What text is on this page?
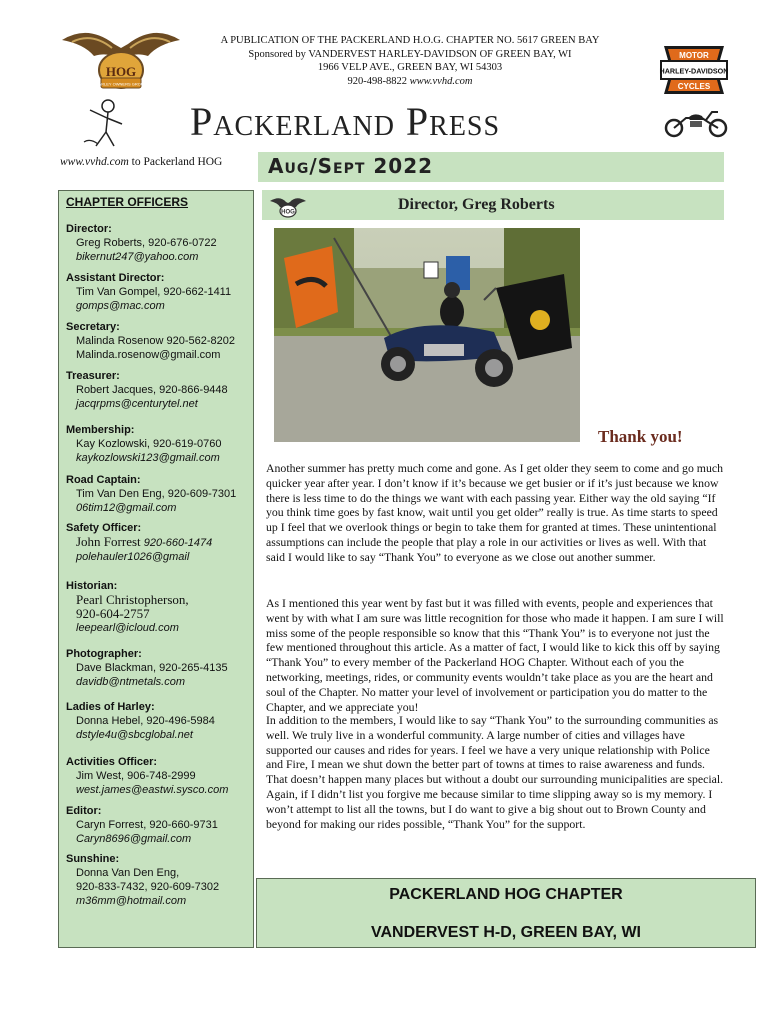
HOG
HARLEY OWNERS GROUP
A PUBLICATION OF THE PACKERLAND H.O.G. CHAPTER NO. 5617 GREEN BAY
Sponsored by VANDERVEST HARLEY-DAVIDSON OF GREEN BAY, WI
1966 VELP AVE., GREEN BAY, WI 54303
920-498-8822 www.vvhd.com
MOTOR
HARLEY-DAVIDSON
CYCLES
Packerland Press
www.vvhd.com to Packerland HOG Aug/Sept 2022
CHAPTER OFFICERS
Director:
Greg Roberts, 920-676-0722
bikernut247@yahoo.com
Assistant Director:
Tim Van Gompel, 920-662-1411
gomps@mac.com
Secretary:
Malinda Rosenow 920-562-8202
Malinda.rosenow@gmail.com
Treasurer:
Robert Jacques, 920-866-9448
jacqrpms@centurytel.net
Membership:
Kay Kozlowski, 920-619-0760
kaykozlowski123@gmail.com
Road Captain:
Tim Van Den Eng, 920-609-7301
06tim12@gmail.com
Safety Officer:
John Forrest 920-660-1474
polehauler1026@gmail
Historian:
Pearl Christopherson,
920-604-2757
leepearl@icloud.com
Photographer:
Dave Blackman, 920-265-4135
davidb@ntmetals.com
Ladies of Harley:
Donna Hebel, 920-496-5984
dstyle4u@sbcglobal.net
Activities Officer:
Jim West, 906-748-2999
west.james@eastwi.sysco.com
Editor:
Caryn Forrest, 920-660-9731
Caryn8696@gmail.com
Sunshine:
Donna Van Den Eng,
920-833-7432, 920-609-7302
m36mm@hotmail.com
HOG	Director, Greg Roberts
Thank you!
Another summer has pretty much come and gone. As I get older they seem to come and go much quicker year after year. I don’t know if it’s because we get busier or if it’s just because we know there is less time to do the things we want with each passing year. Either way the old saying “If you think time goes by fast know, wait until you get older” really is true. As time starts to speed up I feel that we overlook things or begin to take them for granted at times. These unintentional assumptions can include the people that play a role in our activities or lives as well. With that said I would like to say “Thank You” to everyone as we close out another summer.
As I mentioned this year went by fast but it was filled with events, people and experiences that went by with what I am sure was little recognition for those who made it happen. I am sure I will miss some of the people responsible so know that this “Thank You” is to everyone not just the few mentioned throughout this article. As a matter of fact, I would like to kick this off by saying “Thank You” to every member of the Packerland HOG Chapter. Without each of you the networking, meetings, rides, or community events wouldn’t take place as you are the heart and soul of the Chapter. No matter your level of involvement or participation you do matter to the Chapter, and we appreciate you!
In addition to the members, I would like to say “Thank You” to the surrounding communities as well. We truly live in a wonderful community. A large number of cities and villages have supported our causes and rides for years. I feel we have a very unique relationship with Police and Fire, I mean we shut down the better part of towns at times to raise awareness and funds. That doesn’t happen many places but without a doubt our surrounding municipalities are special. Again, if I didn’t list you forgive me because similar to time slipping away so is my memory. I won’t attempt to list all the towns, but I do want to give a big shout out to Brown County and beyond for making our rides possible, “Thank You” for the support.
PACKERLAND HOG CHAPTER
VANDERVEST H-D, GREEN BAY, WI
